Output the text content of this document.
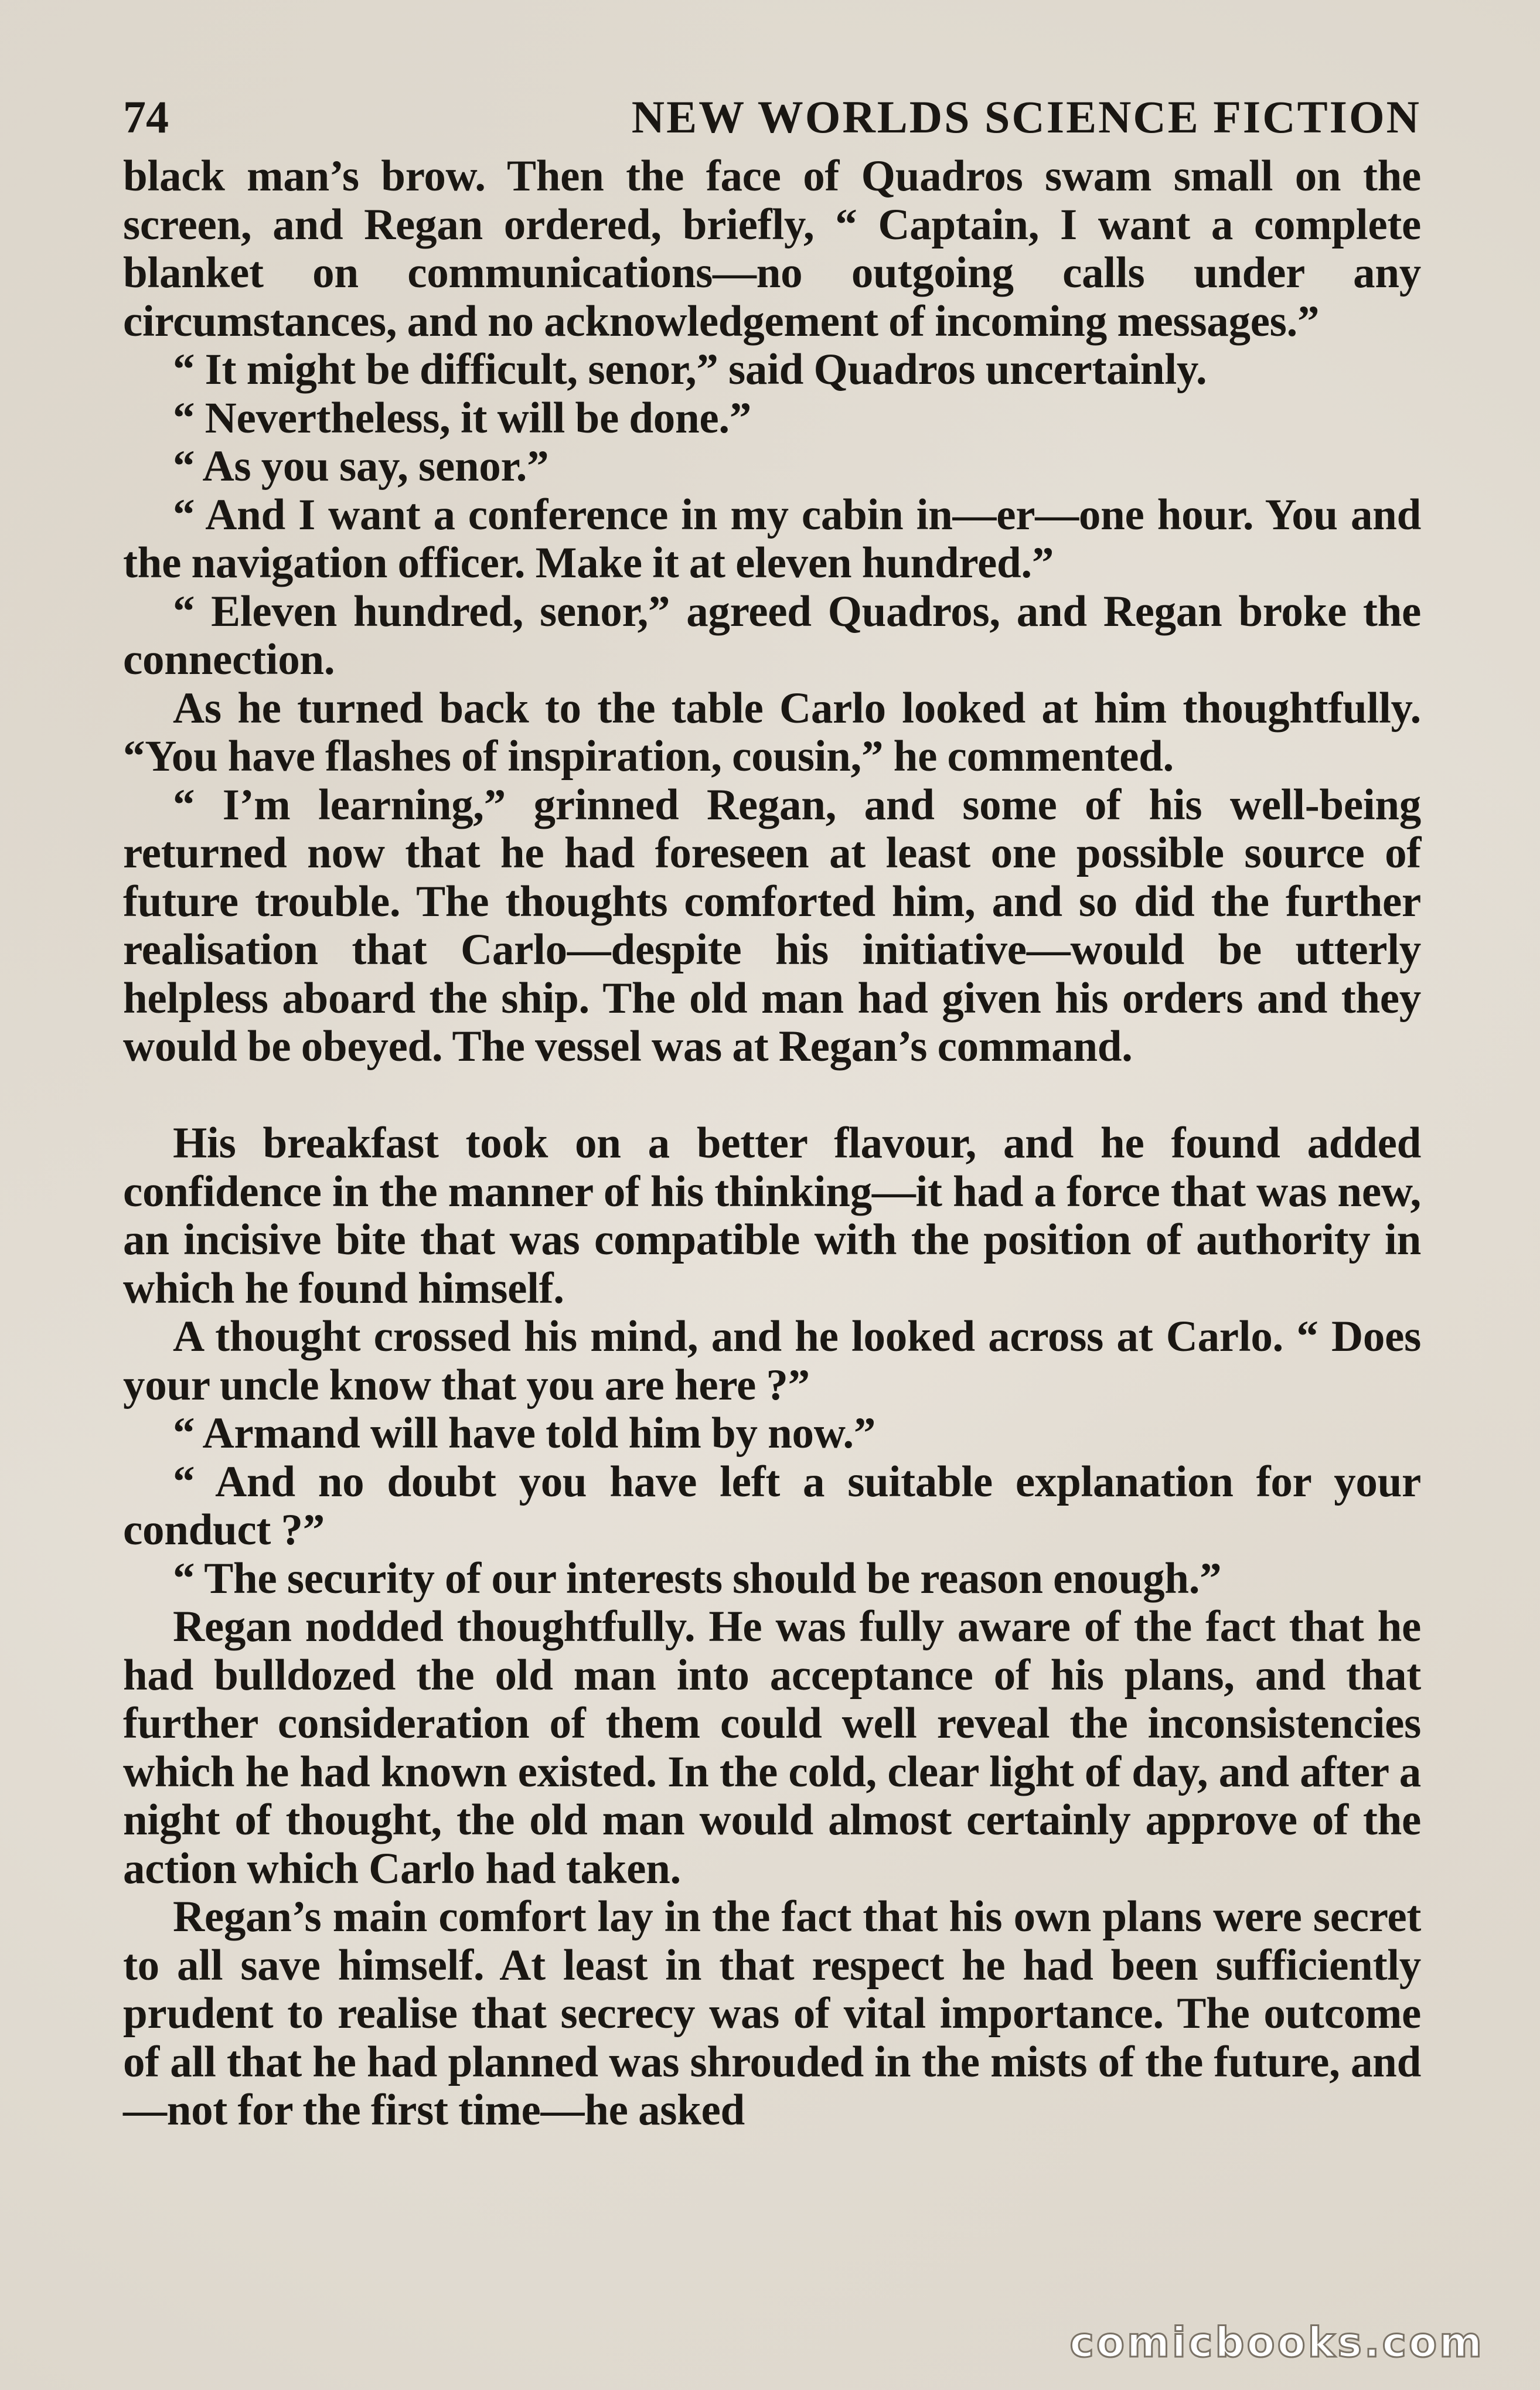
74	NEW WORLDS SCIENCE FICTION

black man’s brow. Then the face of Quadros swam small on the screen, and Regan ordered, briefly, “ Captain, I want a complete blanket on communications—no outgoing calls under any circumstances, and no acknowledgement of incoming messages.”

“ It might be difficult, senor,” said Quadros uncertainly.

“ Nevertheless, it will be done.”

“ As you say, senor.”

“ And I want a conference in my cabin in—er—one hour. You and the navigation officer. Make it at eleven hundred.”

“ Eleven hundred, senor,” agreed Quadros, and Regan broke the connection.

As he turned back to the table Carlo looked at him thoughtfully. “You have flashes of inspiration, cousin,” he commented.

“ I’m learning,” grinned Regan, and some of his well-being returned now that he had foreseen at least one possible source of future trouble. The thoughts comforted him, and so did the further realisation that Carlo—despite his initiative—would be utterly helpless aboard the ship. The old man had given his orders and they would be obeyed. The vessel was at Regan’s command.

His breakfast took on a better flavour, and he found added confidence in the manner of his thinking—it had a force that was new, an incisive bite that was compatible with the position of authority in which he found himself.

A thought crossed his mind, and he looked across at Carlo. “ Does your uncle know that you are here ?”

“ Armand will have told him by now.”

“ And no doubt you have left a suitable explanation for your conduct ?”

“ The security of our interests should be reason enough.”

Regan nodded thoughtfully. He was fully aware of the fact that he had bulldozed the old man into acceptance of his plans, and that further consideration of them could well reveal the inconsistencies which he had known existed. In the cold, clear light of day, and after a night of thought, the old man would almost certainly approve of the action which Carlo had taken.

Regan’s main comfort lay in the fact that his own plans were secret to all save himself. At least in that respect he had been sufficiently prudent to realise that secrecy was of vital importance. The outcome of all that he had planned was shrouded in the mists of the future, and—not for the first time—he asked

comicbooks.com
